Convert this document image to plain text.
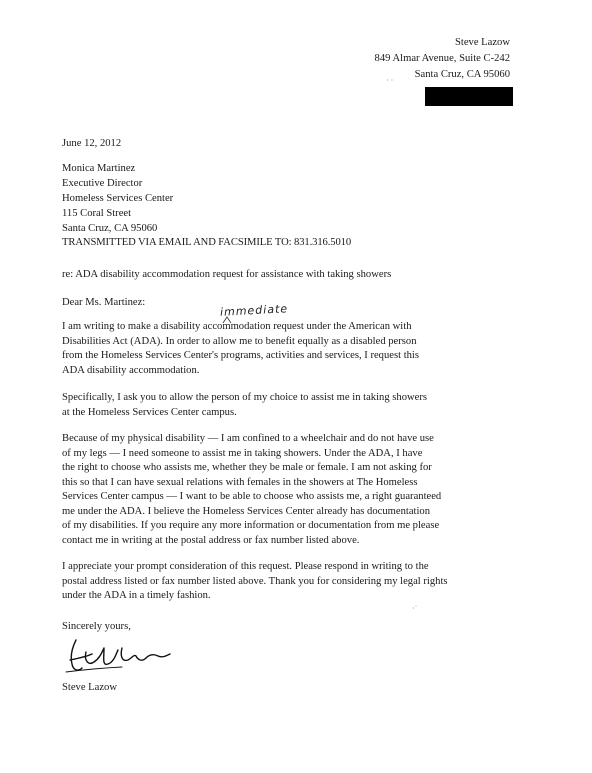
Steve Lazow
849 Almar Avenue, Suite C-242
Santa Cruz, CA 95060
· ·
June 12, 2012
Monica Martinez
Executive Director
Homeless Services Center
115 Coral Street
Santa Cruz, CA 95060
TRANSMITTED VIA EMAIL AND FACSIMILE TO: 831.316.5010
re: ADA disability accommodation request for assistance with taking showers
Dear Ms. Martinez:	immediate
I am writing to make a disability accommodation request under the American with
Disabilities Act (ADA). In order to allow me to benefit equally as a disabled person
from the Homeless Services Center's programs, activities and services, I request this
ADA disability accommodation.
Specifically, I ask you to allow the person of my choice to assist me in taking showers
at the Homeless Services Center campus.
Because of my physical disability — I am confined to a wheelchair and do not have use
of my legs — I need someone to assist me in taking showers. Under the ADA, I have
the right to choose who assists me, whether they be male or female. I am not asking for
this so that I can have sexual relations with females in the showers at The Homeless
Services Center campus — I want to be able to choose who assists me, a right guaranteed
me under the ADA. I believe the Homeless Services Center already has documentation
of my disabilities. If you require any more information or documentation from me please
contact me in writing at the postal address or fax number listed above.
I appreciate your prompt consideration of this request. Please respond in writing to the
postal address listed or fax number listed above. Thank you for considering my legal rights
under the ADA in a timely fashion.
·˙
Sincerely yours,
Steve Lazow
